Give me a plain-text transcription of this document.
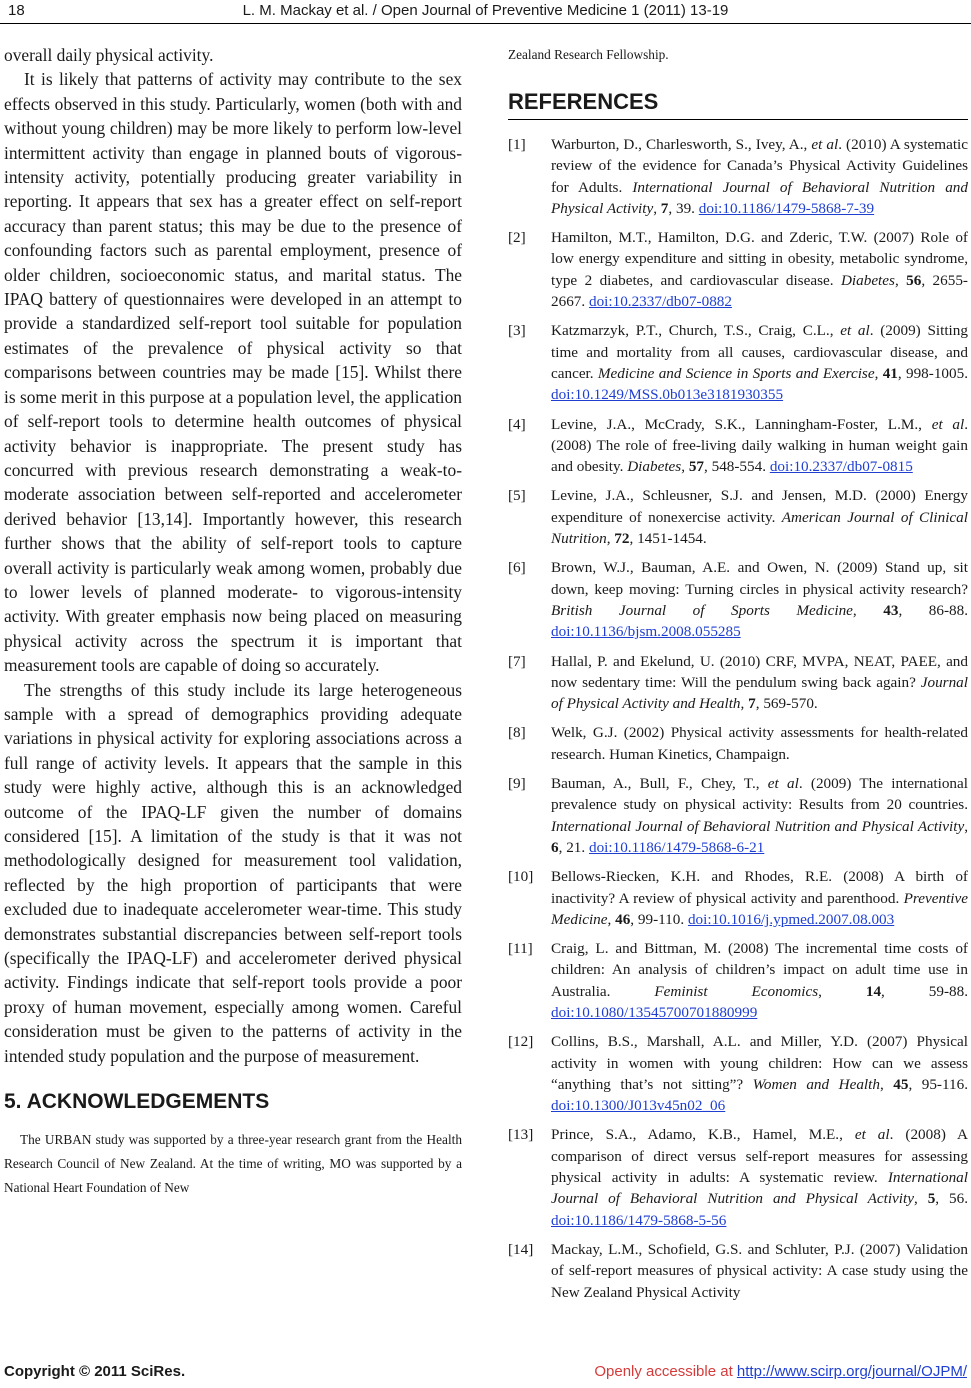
18	L. M. Mackay et al. / Open Journal of Preventive Medicine 1 (2011) 13-19

overall daily physical activity.

It is likely that patterns of activity may contribute to the sex effects observed in this study. Particularly, women (both with and without young children) may be more likely to perform low-level intermittent activity than engage in planned bouts of vigorous-intensity activity, potentially producing greater variability in reporting. It appears that sex has a greater effect on self-report accuracy than parent status; this may be due to the presence of confounding factors such as parental employment, presence of older children, socioeconomic status, and marital status. The IPAQ battery of questionnaires were developed in an attempt to provide a standardized self-report tool suitable for population estimates of the prevalence of physical activity so that comparisons between countries may be made [15]. Whilst there is some merit in this purpose at a population level, the application of self-report tools to determine health outcomes of physical activity behavior is inappropriate. The present study has concurred with previous research demonstrating a weak-to-moderate association between self-reported and accelerometer derived behavior [13,14]. Importantly however, this research further shows that the ability of self-report tools to capture overall activity is particularly weak among women, probably due to lower levels of planned moderate- to vigorous-intensity activity. With greater emphasis now being placed on measuring physical activity across the spectrum it is important that measurement tools are capable of doing so accurately.

The strengths of this study include its large heterogeneous sample with a spread of demographics providing adequate variations in physical activity for exploring associations across a full range of activity levels. It appears that the sample in this study were highly active, although this is an acknowledged outcome of the IPAQ-LF given the number of domains considered [15]. A limitation of the study is that it was not methodologically designed for measurement tool validation, reflected by the high proportion of participants that were excluded due to inadequate accelerometer wear-time. This study demonstrates substantial discrepancies between self-report tools (specifically the IPAQ-LF) and accelerometer derived physical activity. Findings indicate that self-report tools provide a poor proxy of human movement, especially among women. Careful consideration must be given to the patterns of activity in the intended study population and the purpose of measurement.

5. ACKNOWLEDGEMENTS

The URBAN study was supported by a three-year research grant from the Health Research Council of New Zealand. At the time of writing, MO was supported by a National Heart Foundation of New

Zealand Research Fellowship.

REFERENCES

[1] Warburton, D., Charlesworth, S., Ivey, A., et al. (2010) A systematic review of the evidence for Canada’s Physical Activity Guidelines for Adults. International Journal of Behavioral Nutrition and Physical Activity, 7, 39. doi:10.1186/1479-5868-7-39

[2] Hamilton, M.T., Hamilton, D.G. and Zderic, T.W. (2007) Role of low energy expenditure and sitting in obesity, metabolic syndrome, type 2 diabetes, and cardiovascular disease. Diabetes, 56, 2655-2667. doi:10.2337/db07-0882

[3] Katzmarzyk, P.T., Church, T.S., Craig, C.L., et al. (2009) Sitting time and mortality from all causes, cardiovascular disease, and cancer. Medicine and Science in Sports and Exercise, 41, 998-1005. doi:10.1249/MSS.0b013e3181930355

[4] Levine, J.A., McCrady, S.K., Lanningham-Foster, L.M., et al. (2008) The role of free-living daily walking in human weight gain and obesity. Diabetes, 57, 548-554. doi:10.2337/db07-0815

[5] Levine, J.A., Schleusner, S.J. and Jensen, M.D. (2000) Energy expenditure of nonexercise activity. American Journal of Clinical Nutrition, 72, 1451-1454.

[6] Brown, W.J., Bauman, A.E. and Owen, N. (2009) Stand up, sit down, keep moving: Turning circles in physical activity research? British Journal of Sports Medicine, 43, 86-88. doi:10.1136/bjsm.2008.055285

[7] Hallal, P. and Ekelund, U. (2010) CRF, MVPA, NEAT, PAEE, and now sedentary time: Will the pendulum swing back again? Journal of Physical Activity and Health, 7, 569-570.

[8] Welk, G.J. (2002) Physical activity assessments for health-related research. Human Kinetics, Champaign.

[9] Bauman, A., Bull, F., Chey, T., et al. (2009) The international prevalence study on physical activity: Results from 20 countries. International Journal of Behavioral Nutrition and Physical Activity, 6, 21. doi:10.1186/1479-5868-6-21

[10] Bellows-Riecken, K.H. and Rhodes, R.E. (2008) A birth of inactivity? A review of physical activity and parenthood. Preventive Medicine, 46, 99-110. doi:10.1016/j.ypmed.2007.08.003

[11] Craig, L. and Bittman, M. (2008) The incremental time costs of children: An analysis of children’s impact on adult time use in Australia. Feminist Economics, 14, 59-88. doi:10.1080/13545700701880999

[12] Collins, B.S., Marshall, A.L. and Miller, Y.D. (2007) Physical activity in women with young children: How can we assess “anything that’s not sitting”? Women and Health, 45, 95-116. doi:10.1300/J013v45n02_06

[13] Prince, S.A., Adamo, K.B., Hamel, M.E., et al. (2008) A comparison of direct versus self-report measures for assessing physical activity in adults: A systematic review. International Journal of Behavioral Nutrition and Physical Activity, 5, 56. doi:10.1186/1479-5868-5-56

[14] Mackay, L.M., Schofield, G.S. and Schluter, P.J. (2007) Validation of self-report measures of physical activity: A case study using the New Zealand Physical Activity

Copyright © 2011 SciRes.	Openly accessible at http://www.scirp.org/journal/OJPM/
